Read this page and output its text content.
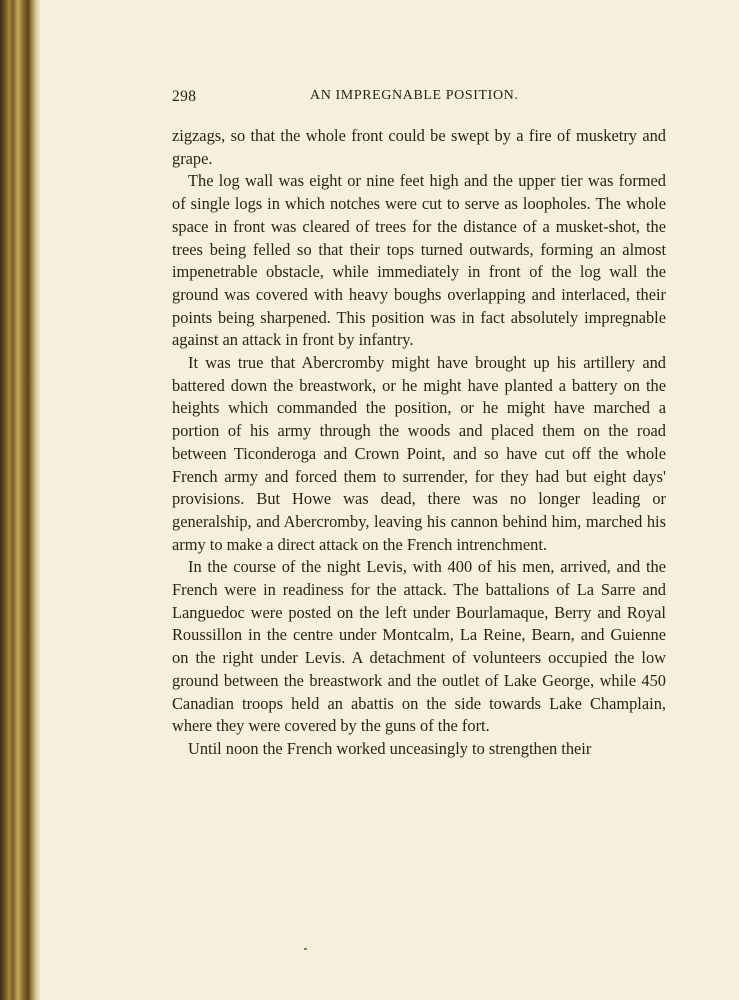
298	AN IMPREGNABLE POSITION.

zigzags, so that the whole front could be swept by a fire of musketry and grape.

The log wall was eight or nine feet high and the upper tier was formed of single logs in which notches were cut to serve as loopholes. The whole space in front was cleared of trees for the distance of a musket-shot, the trees being felled so that their tops turned outwards, forming an almost impenetrable obstacle, while immediately in front of the log wall the ground was covered with heavy boughs overlapping and interlaced, their points being sharpened. This position was in fact absolutely impregnable against an attack in front by infantry.

It was true that Abercromby might have brought up his artillery and battered down the breastwork, or he might have planted a battery on the heights which commanded the position, or he might have marched a portion of his army through the woods and placed them on the road between Ticonderoga and Crown Point, and so have cut off the whole French army and forced them to surrender, for they had but eight days' provisions. But Howe was dead, there was no longer leading or generalship, and Abercromby, leaving his cannon behind him, marched his army to make a direct attack on the French intrenchment.

In the course of the night Levis, with 400 of his men, arrived, and the French were in readiness for the attack. The battalions of La Sarre and Languedoc were posted on the left under Bourlamaque, Berry and Royal Roussillon in the centre under Montcalm, La Reine, Bearn, and Guienne on the right under Levis. A detachment of volunteers occupied the low ground between the breastwork and the outlet of Lake George, while 450 Canadian troops held an abattis on the side towards Lake Champlain, where they were covered by the guns of the fort.

Until noon the French worked unceasingly to strengthen their
